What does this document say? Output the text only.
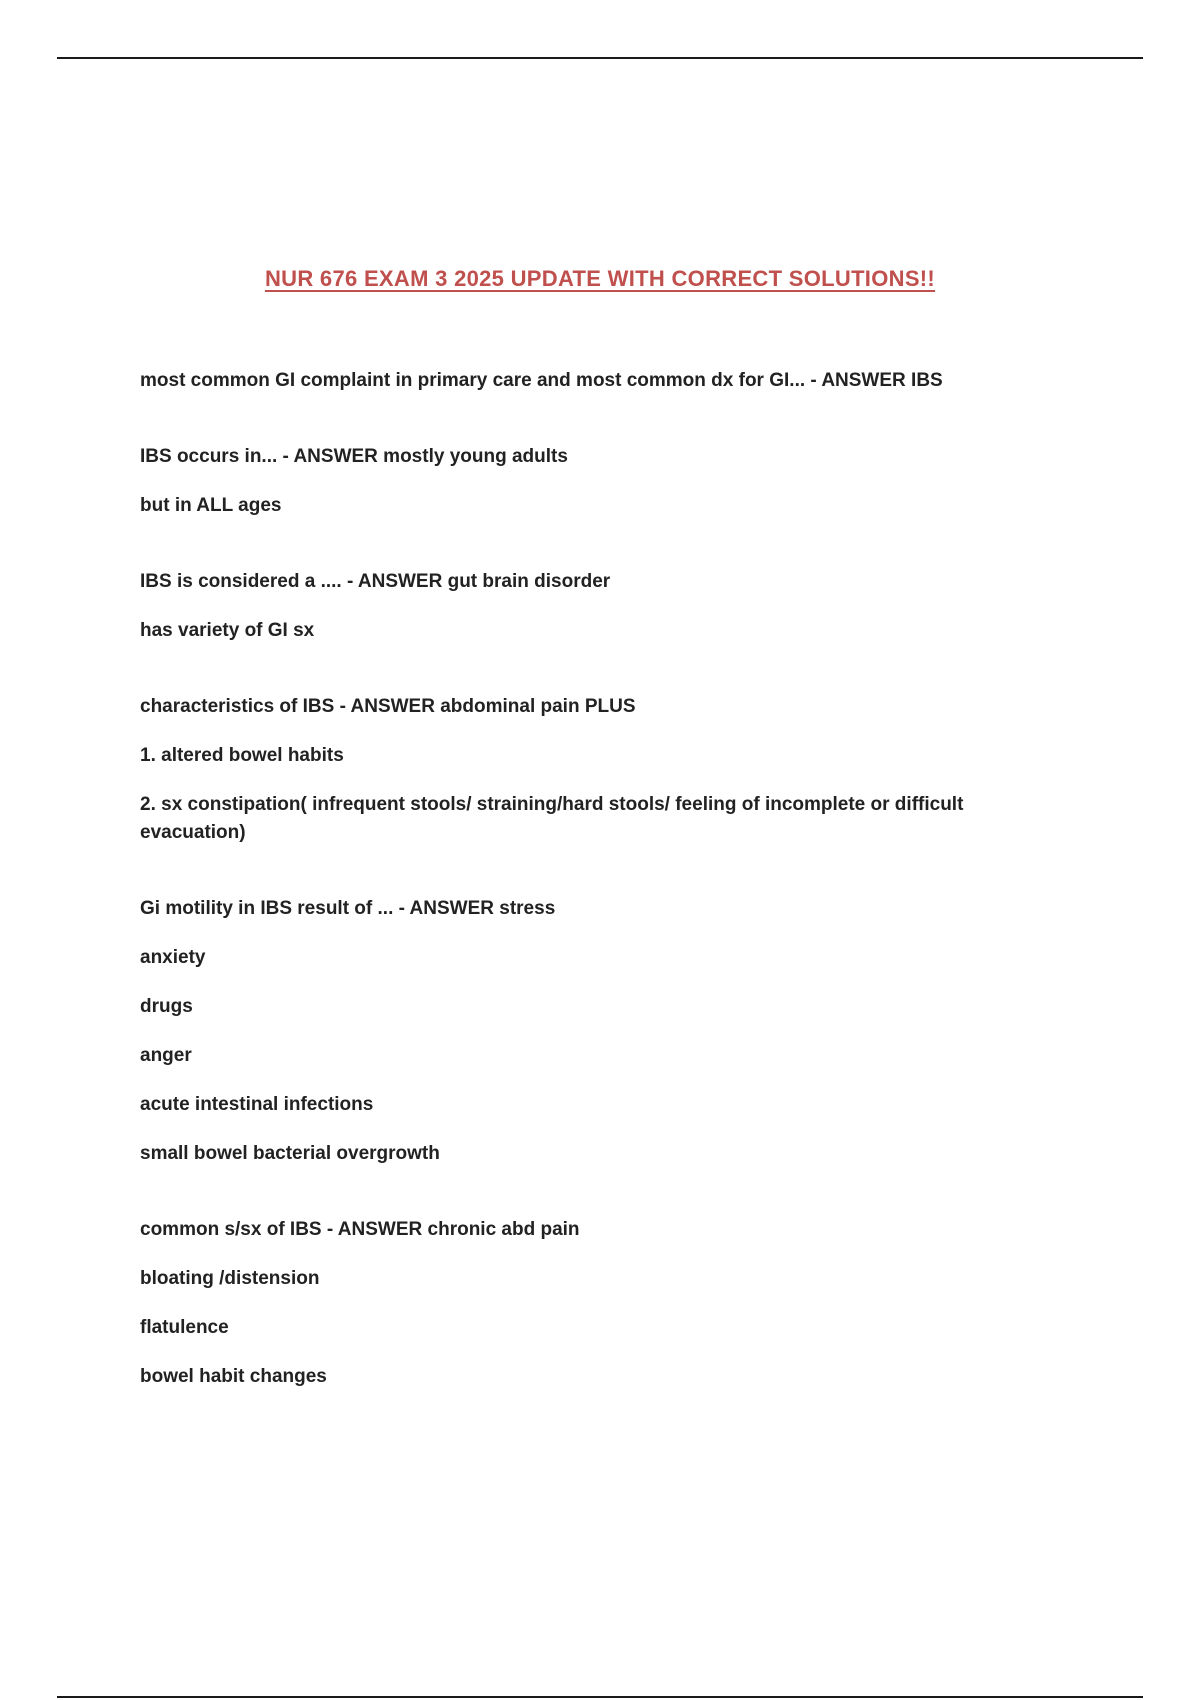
NUR 676 EXAM 3 2025 UPDATE WITH CORRECT SOLUTIONS!!

most common GI complaint in primary care and most common dx for GI... - ANSWER IBS

IBS occurs in... - ANSWER mostly young adults

but in ALL ages

IBS is considered a .... - ANSWER gut brain disorder

has variety of GI sx

characteristics of IBS - ANSWER abdominal pain PLUS

1. altered bowel habits

2. sx constipation( infrequent stools/ straining/hard stools/ feeling of incomplete or difficult evacuation)

Gi motility in IBS result of ... - ANSWER stress

anxiety

drugs

anger

acute intestinal infections

small bowel bacterial overgrowth

common s/sx of IBS - ANSWER chronic abd pain

bloating /distension

flatulence

bowel habit changes
